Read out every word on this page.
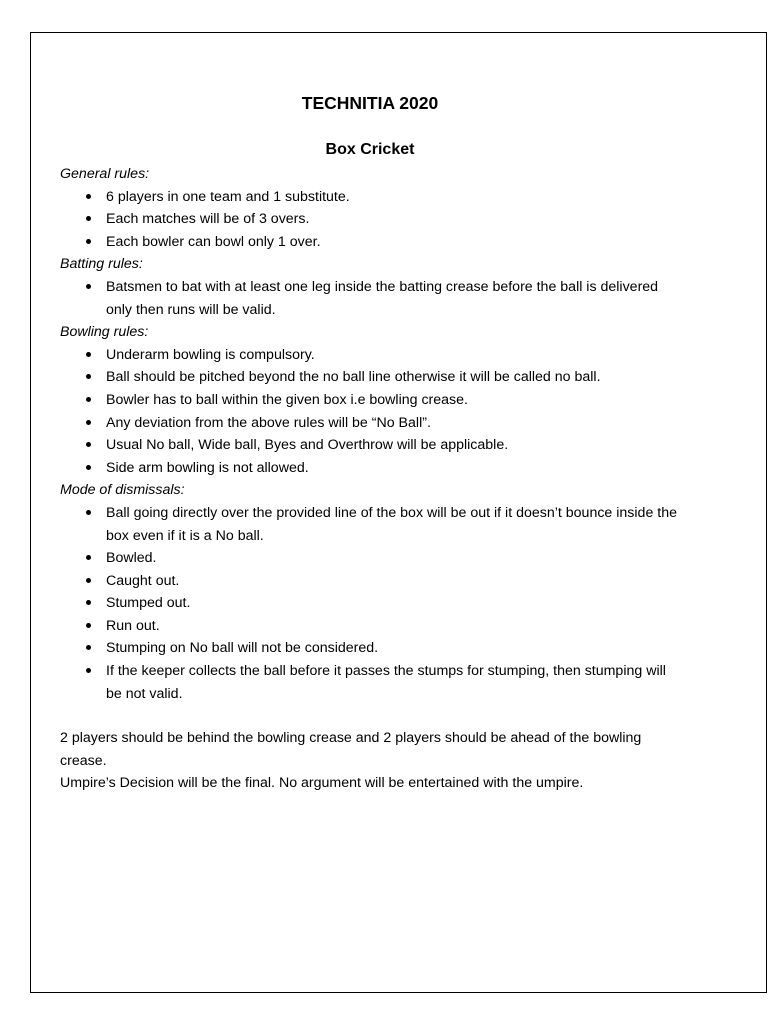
TECHNITIA 2020
Box Cricket

General rules:

6 players in one team and 1 substitute.
Each matches will be of 3 overs.
Each bowler can bowl only 1 over.

Batting rules:

Batsmen to bat with at least one leg inside the batting crease before the ball is delivered only then runs will be valid.

Bowling rules:

Underarm bowling is compulsory.
Ball should be pitched beyond the no ball line otherwise it will be called no ball.
Bowler has to ball within the given box i.e bowling crease.
Any deviation from the above rules will be “No Ball”.
Usual No ball, Wide ball, Byes and Overthrow will be applicable.
Side arm bowling is not allowed.

Mode of dismissals:

Ball going directly over the provided line of the box will be out if it doesn’t bounce inside the box even if it is a No ball.
Bowled.
Caught out.
Stumped out.
Run out.
Stumping on No ball will not be considered.
If the keeper collects the ball before it passes the stumps for stumping, then stumping will be not valid.

2 players should be behind the bowling crease and 2 players should be ahead of the bowling crease.

Umpire’s Decision will be the final. No argument will be entertained with the umpire.
